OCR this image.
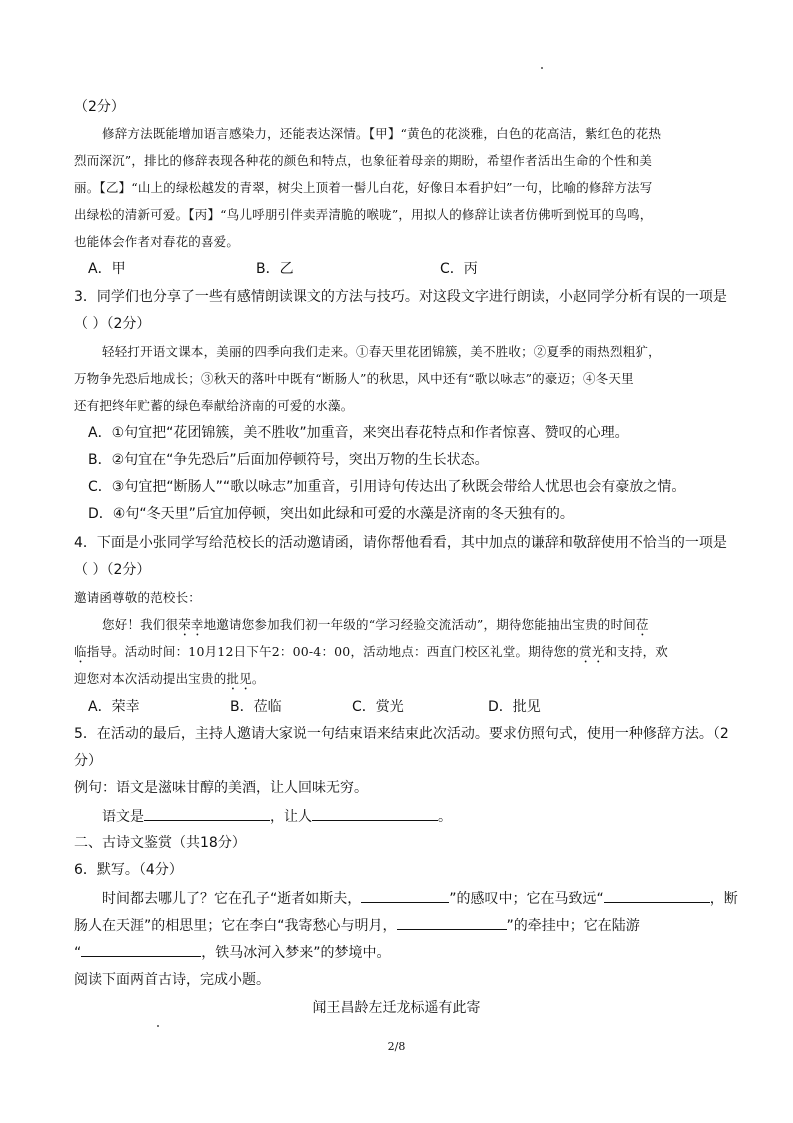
（2分）
修辞方法既能增加语言感染力，还能表达深情。【甲】“黄色的花淡雅，白色的花高洁，紫红色的花热
烈而深沉”，排比的修辞表现各种花的颜色和特点，也象征着母亲的期盼，希望作者活出生命的个性和美
丽。【乙】“山上的绿松越发的青翠，树尖上顶着一髻儿白花，好像日本看护妇”一句，比喻的修辞方法写
出绿松的清新可爱。【丙】“鸟儿呼朋引伴卖弄清脆的喉咙”，用拟人的修辞让读者仿佛听到悦耳的鸟鸣，
也能体会作者对春花的喜爱。
A．甲	B．乙	C．丙
3．同学们也分享了一些有感情朗读课文的方法与技巧。对这段文字进行朗读，小赵同学分析有误的一项是
（ ）（2分）
轻轻打开语文课本，美丽的四季向我们走来。①春天里花团锦簇，美不胜收；②夏季的雨热烈粗犷，
万物争先恐后地成长；③秋天的落叶中既有“断肠人”的秋思，风中还有“歌以咏志”的豪迈；④冬天里
还有把终年贮蓄的绿色奉献给济南的可爱的水藻。
A．①句宜把“花团锦簇，美不胜收”加重音，来突出春花特点和作者惊喜、赞叹的心理。
B．②句宜在“争先恐后”后面加停顿符号，突出万物的生长状态。
C．③句宜把“断肠人”“歌以咏志”加重音，引用诗句传达出了秋既会带给人忧思也会有豪放之情。
D．④句“冬天里”后宜加停顿，突出如此绿和可爱的水藻是济南的冬天独有的。
4．下面是小张同学写给范校长的活动邀请函，请你帮他看看，其中加点的谦辞和敬辞使用不恰当的一项是
（ ）（2分）
邀请函尊敬的范校长：
您好！我们很荣幸地邀请您参加我们初一年级的“学习经验交流活动”，期待您能抽出宝贵的时间莅
临指导。活动时间：10月12日下午2：00-4：00，活动地点：西直门校区礼堂。期待您的赏光和支持，欢
迎您对本次活动提出宝贵的批见。
A．荣幸	B．莅临	C．赏光	D．批见
5．在活动的最后，主持人邀请大家说一句结束语来结束此次活动。要求仿照句式，使用一种修辞方法。（2
分）
例句：语文是滋味甘醇的美酒，让人回味无穷。
语文是	，让人	。
二、古诗文鉴赏（共18分）
6．默写。（4分）
时间都去哪儿了？它在孔子“逝者如斯夫，	”的感叹中；它在马致远“	，断
肠人在天涯”的相思里；它在李白“我寄愁心与明月，	”的牵挂中；它在陆游
“	，铁马冰河入梦来”的梦境中。
阅读下面两首古诗，完成小题。
闻王昌龄左迁龙标遥有此寄
2/8
